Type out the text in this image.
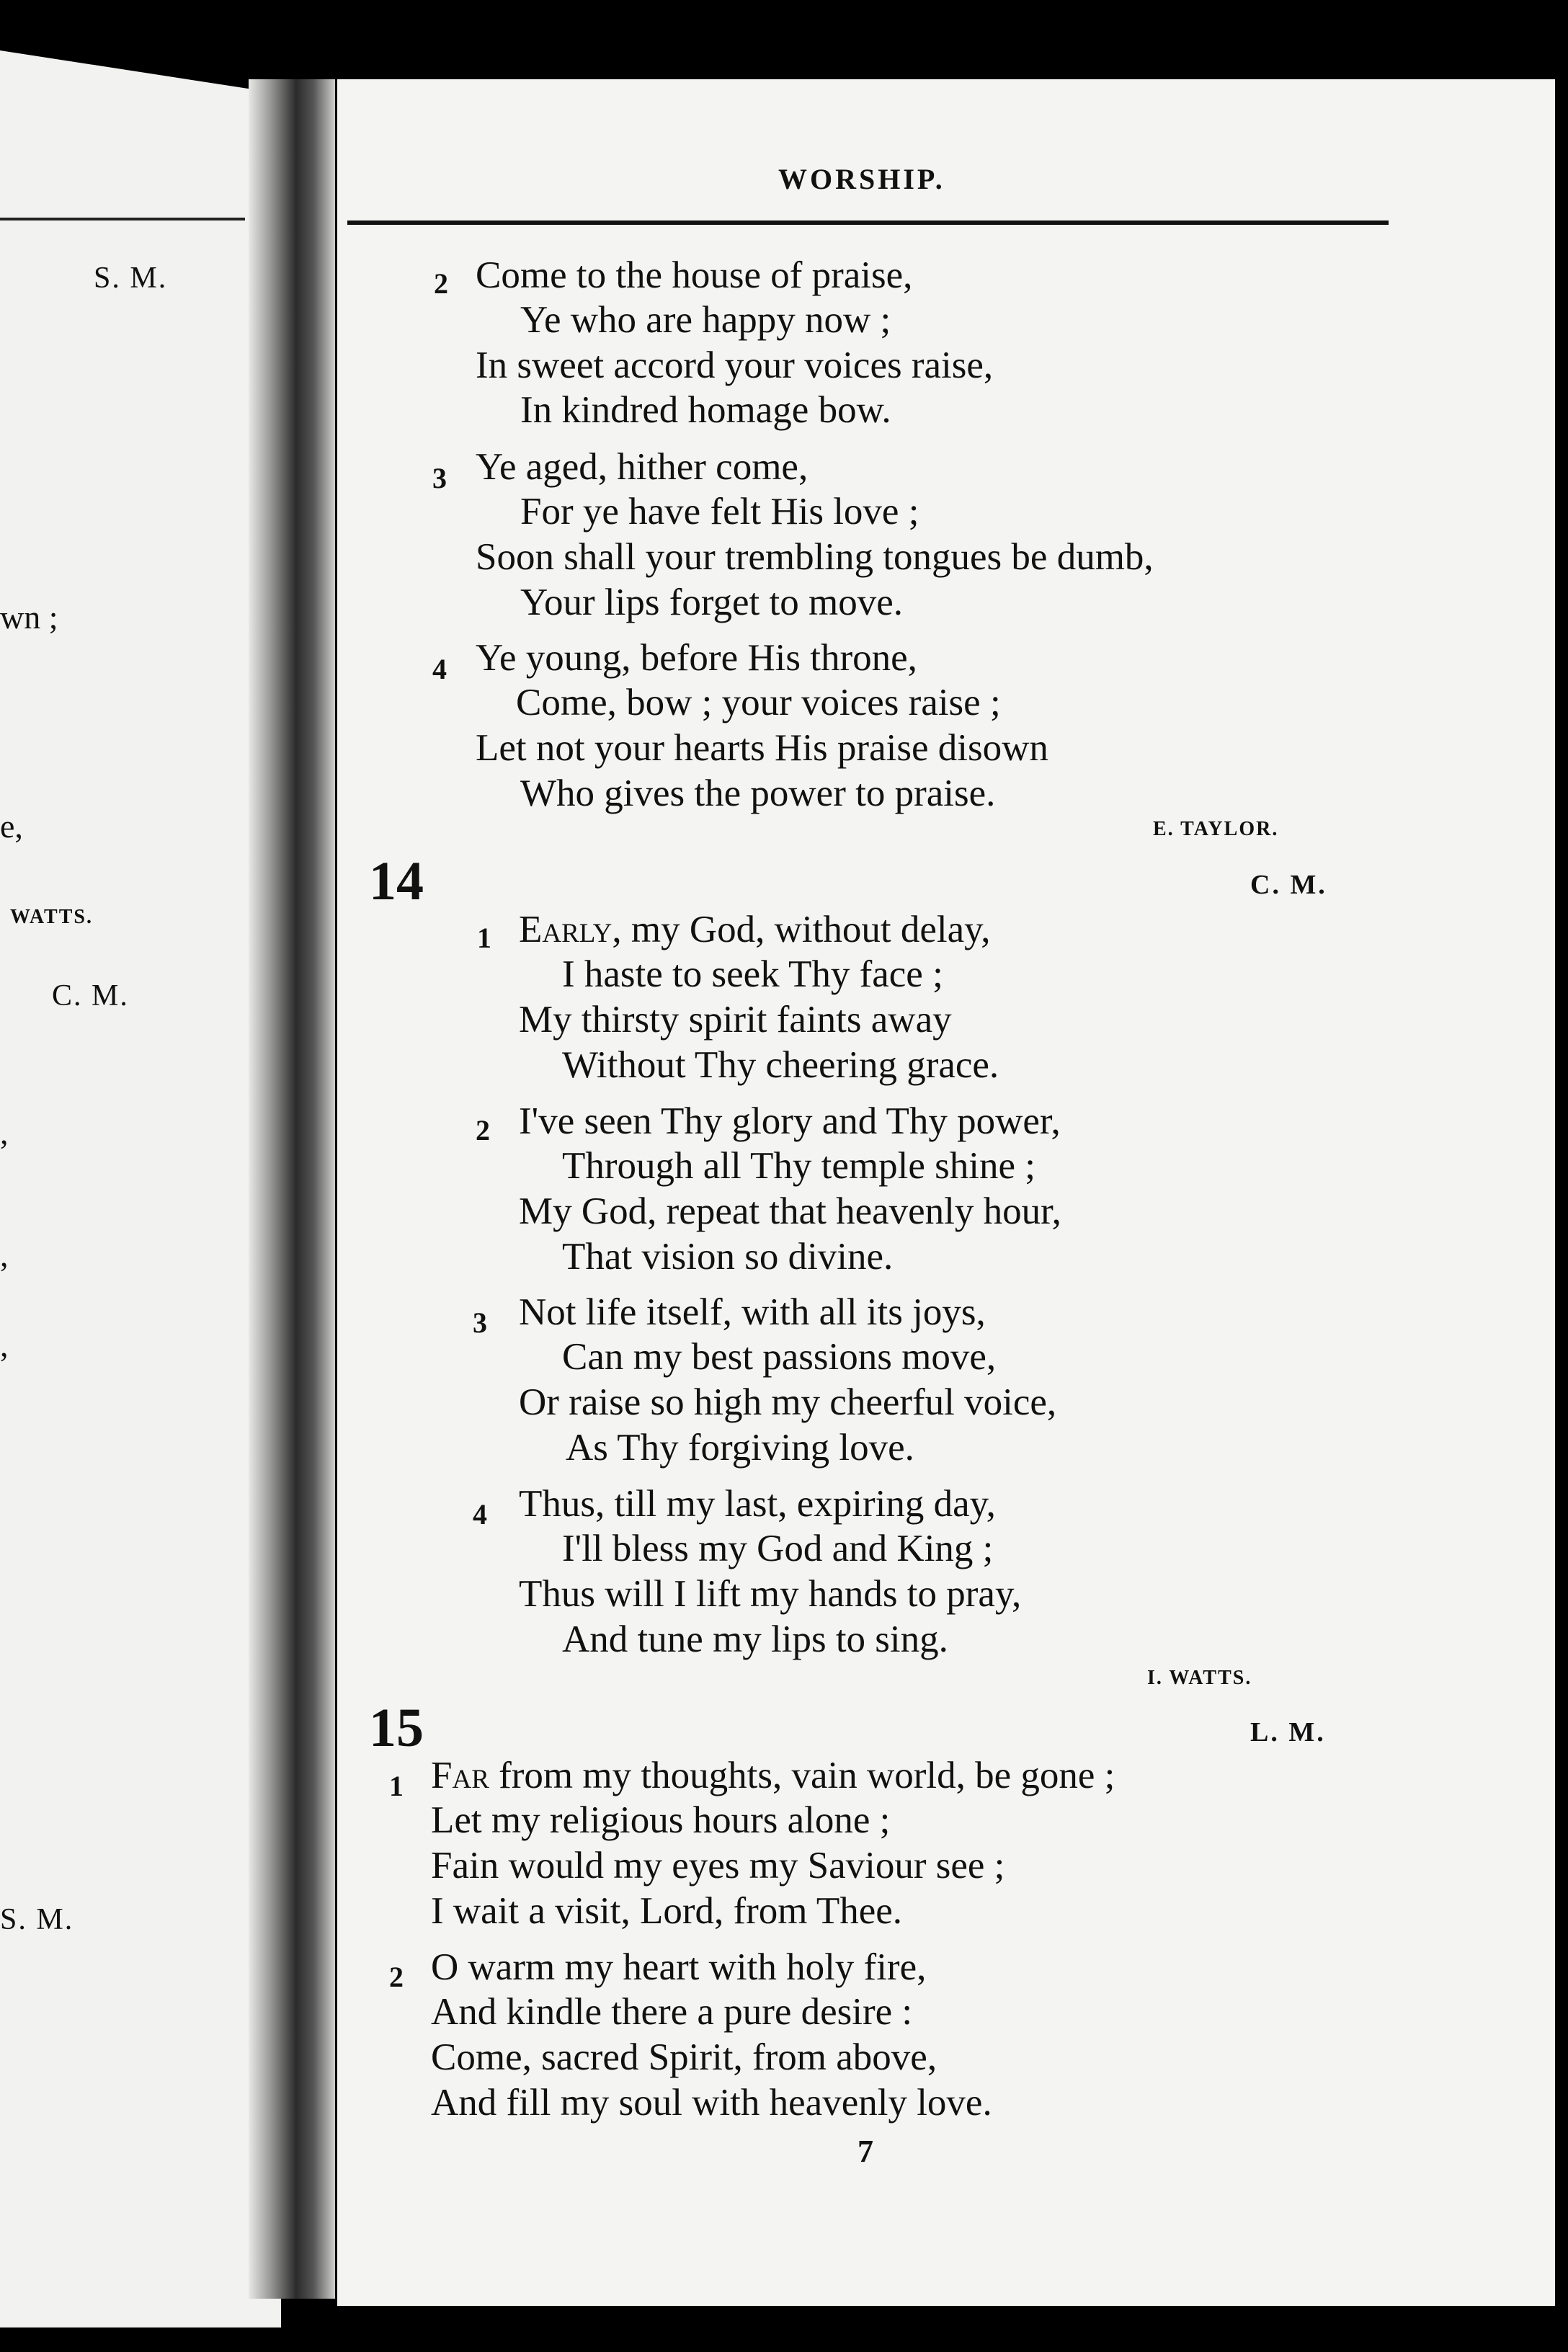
S. M.
wn ;
e,
WATTS.
C. M.
,
,
,
S. M.
WORSHIP.
2 Come to the house of praise,
Ye who are happy now ;
In sweet accord your voices raise,
In kindred homage bow.
3 Ye aged, hither come,
For ye have felt His love ;
Soon shall your trembling tongues be dumb,
Your lips forget to move.
4 Ye young, before His throne,
Come, bow ; your voices raise ;
Let not your hearts His praise disown
Who gives the power to praise.
E. TAYLOR.
14	C. M.
1 Early, my God, without delay,
I haste to seek Thy face ;
My thirsty spirit faints away
Without Thy cheering grace.
2 I've seen Thy glory and Thy power,
Through all Thy temple shine ;
My God, repeat that heavenly hour,
That vision so divine.
3 Not life itself, with all its joys,
Can my best passions move,
Or raise so high my cheerful voice,
As Thy forgiving love.
4 Thus, till my last, expiring day,
I'll bless my God and King ;
Thus will I lift my hands to pray,
And tune my lips to sing.
I. WATTS.
15	L. M.
1 Far from my thoughts, vain world, be gone ;
Let my religious hours alone ;
Fain would my eyes my Saviour see ;
I wait a visit, Lord, from Thee.
2 O warm my heart with holy fire,
And kindle there a pure desire :
Come, sacred Spirit, from above,
And fill my soul with heavenly love.
7
